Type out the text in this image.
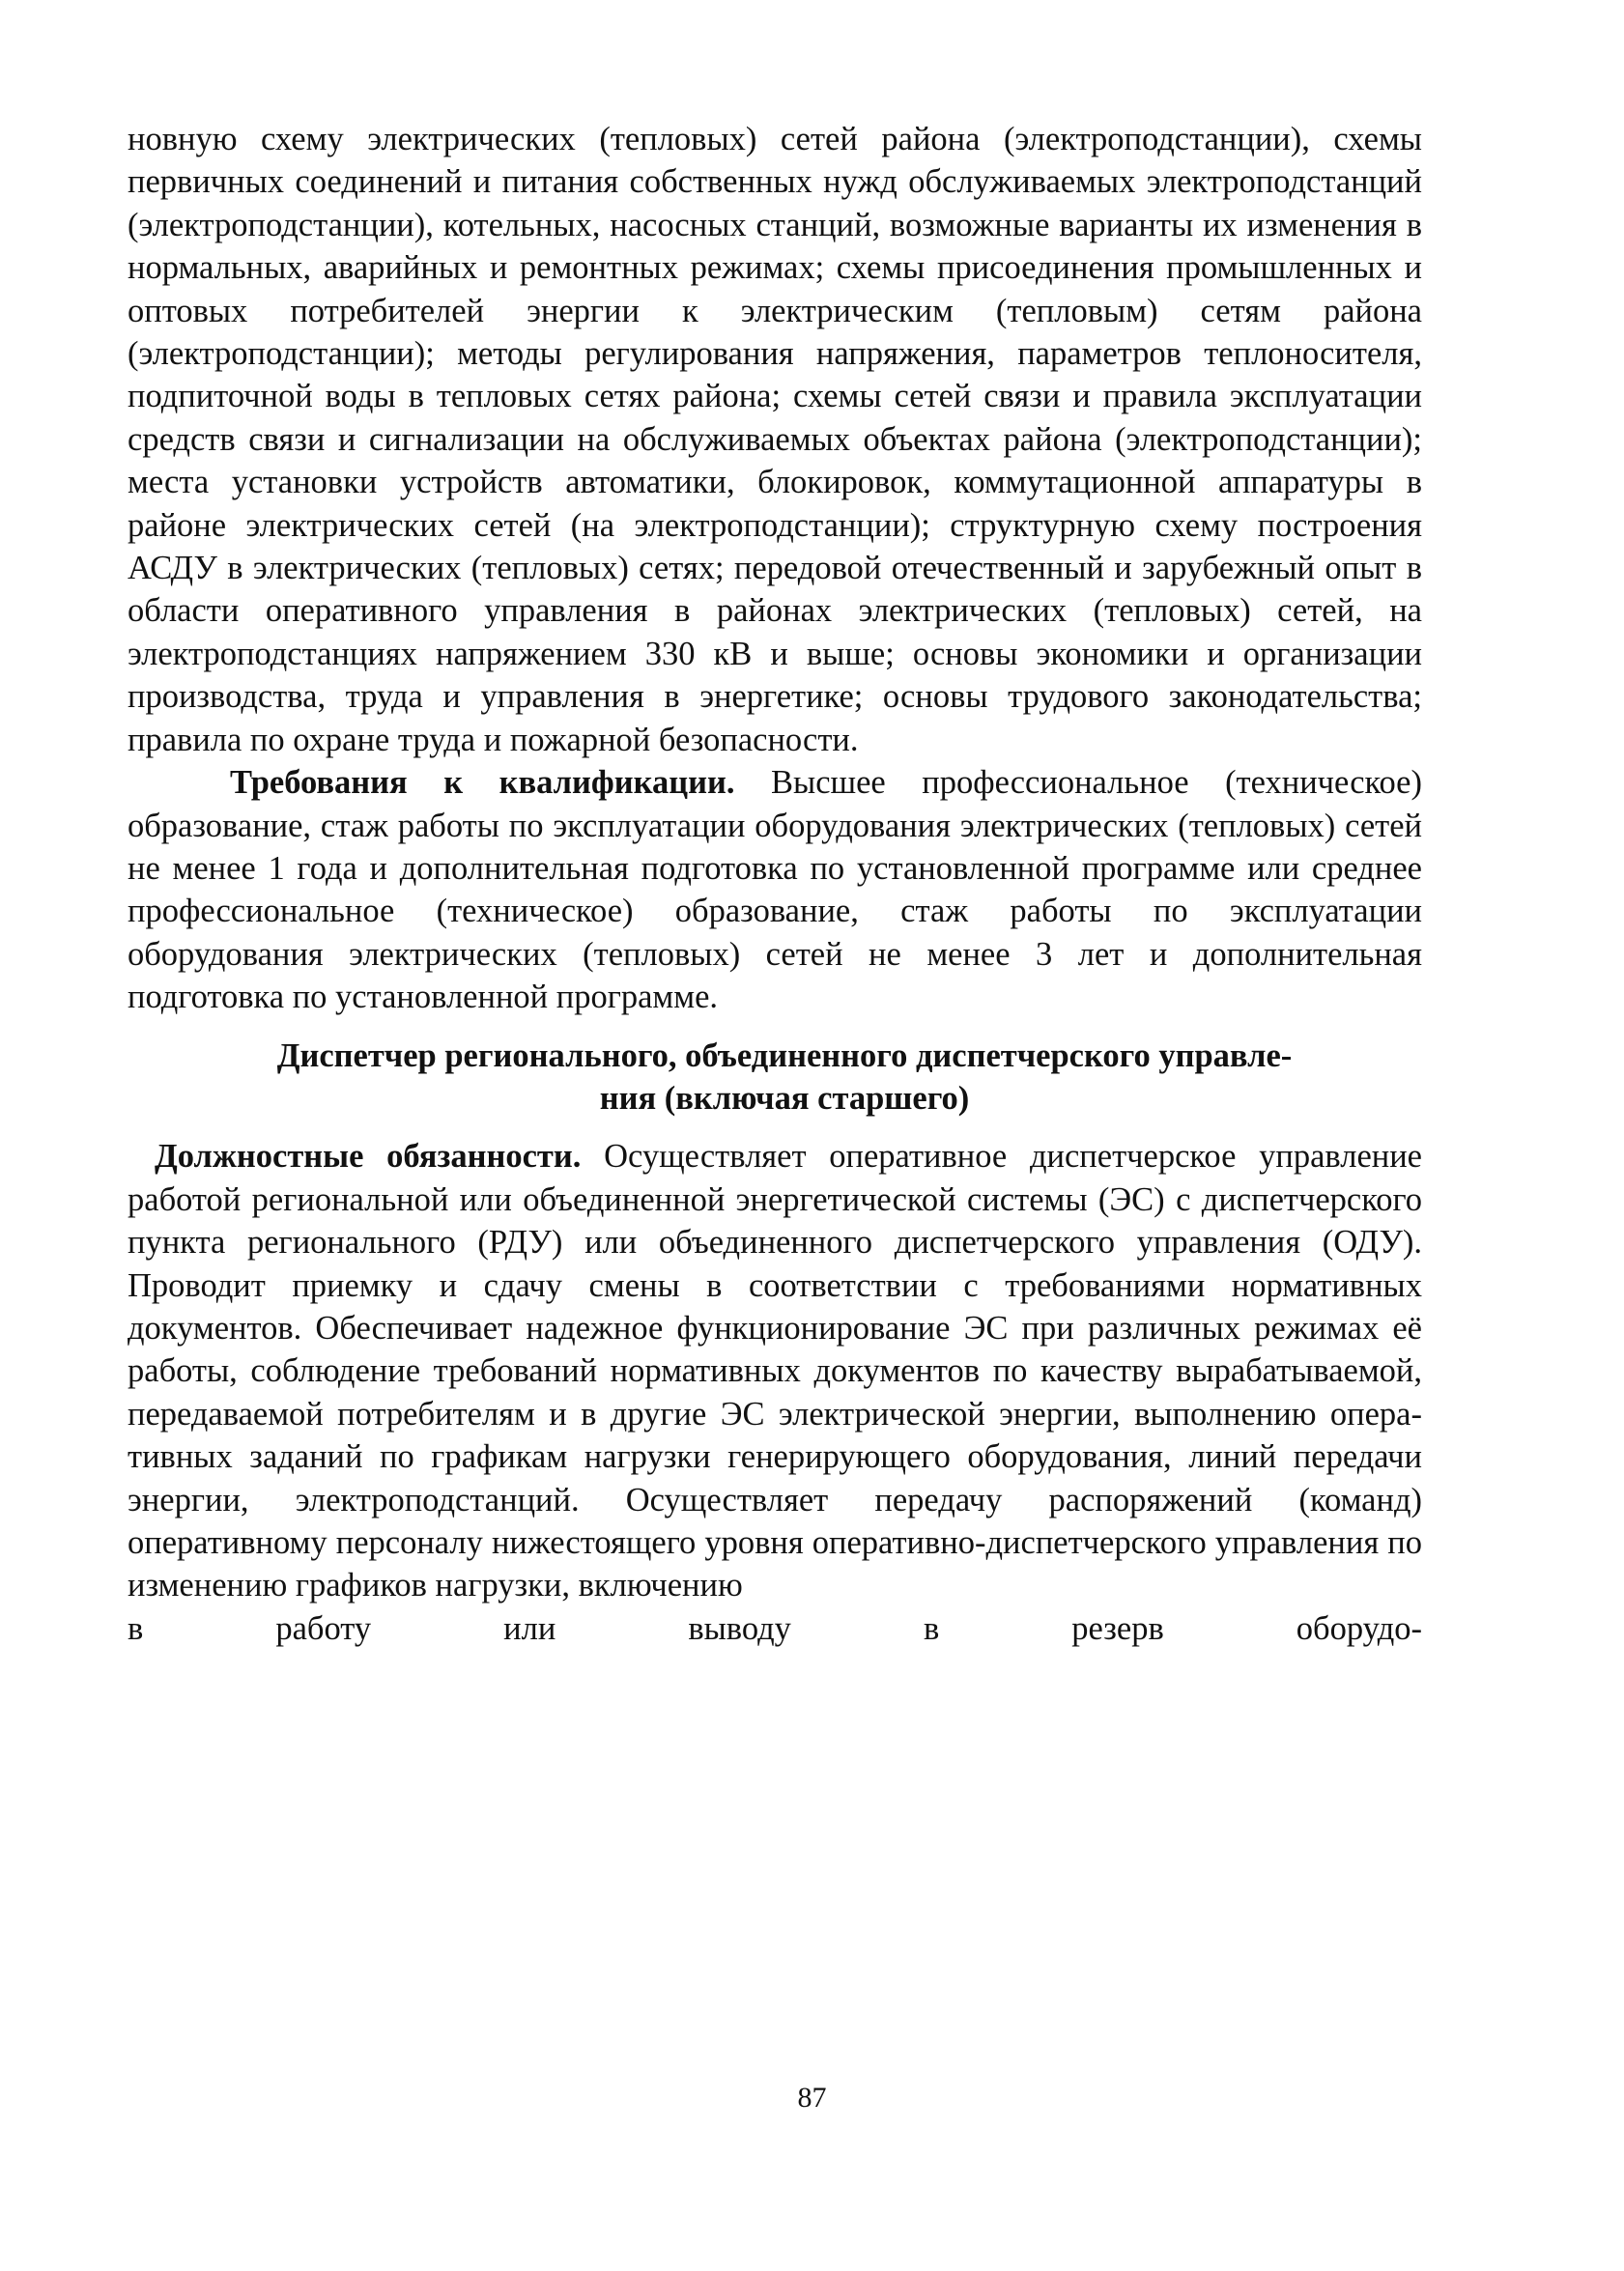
новную схему электрических (тепловых) сетей района (электроподстанции), схемы первичных соединений и питания собственных нужд обслуживаемых электроподстанций (электроподстанции), котельных, насосных станций, возможные варианты их изменения в нормальных, аварийных и ремонтных режимах; схемы присоединения промышленных и оптовых потребителей энергии к электрическим (тепловым) сетям района (электроподстанции); методы регулирования напряжения, параметров теплоносителя, подпиточной воды в тепловых сетях района; схемы сетей связи и правила эксплуатации средств связи и сигнализации на обслуживаемых объектах района (электроподстанции); места установки устройств автоматики, блокировок, коммутационной аппаратуры в районе электрических сетей (на электроподстанции); структурную схему построения АСДУ в электрических (тепловых) сетях; передовой отечественный и зарубежный опыт в области оперативного управления в районах электрических (тепловых) сетей, на электроподстанциях напряжением 330 кВ и выше; основы экономики и организации производства, труда и управления в энергетике; основы трудового законодательства; правила по охране труда и пожарной безопасности.

Требования к квалификации. Высшее профессиональное (техническое) образование, стаж работы по эксплуатации оборудования электрических (тепловых) сетей не менее 1 года и дополнительная подготовка по установленной программе или среднее профессиональное (техническое) образование, стаж работы по эксплуатации оборудования электрических (тепловых) сетей не менее 3 лет и дополнительная подготовка по установленной программе.

Диспетчер регионального, объединенного диспетчерского управле-
ния (включая старшего)

Должностные обязанности. Осуществляет оперативное диспетчерское управление работой региональной или объединенной энергетической системы (ЭС) с диспетчерского пункта регионального (РДУ) или объединенного диспетчерского управления (ОДУ). Проводит приемку и сдачу смены в соответствии с требованиями нормативных документов. Обеспечивает надежное функционирование ЭС при различных режимах её работы, соблюдение требований нормативных документов по качеству вырабатываемой, передаваемой потребителям и в другие ЭС электрической энергии, выполнению оперативных заданий по графикам нагрузки генерирующего оборудования, линий передачи энергии, электроподстанций. Осуществляет передачу распоряжений (команд) оперативному персоналу нижестоящего уровня оперативно-диспетчерского управления по изменению графиков нагрузки, включению

в работу или выводу в резерв оборудо-

87
